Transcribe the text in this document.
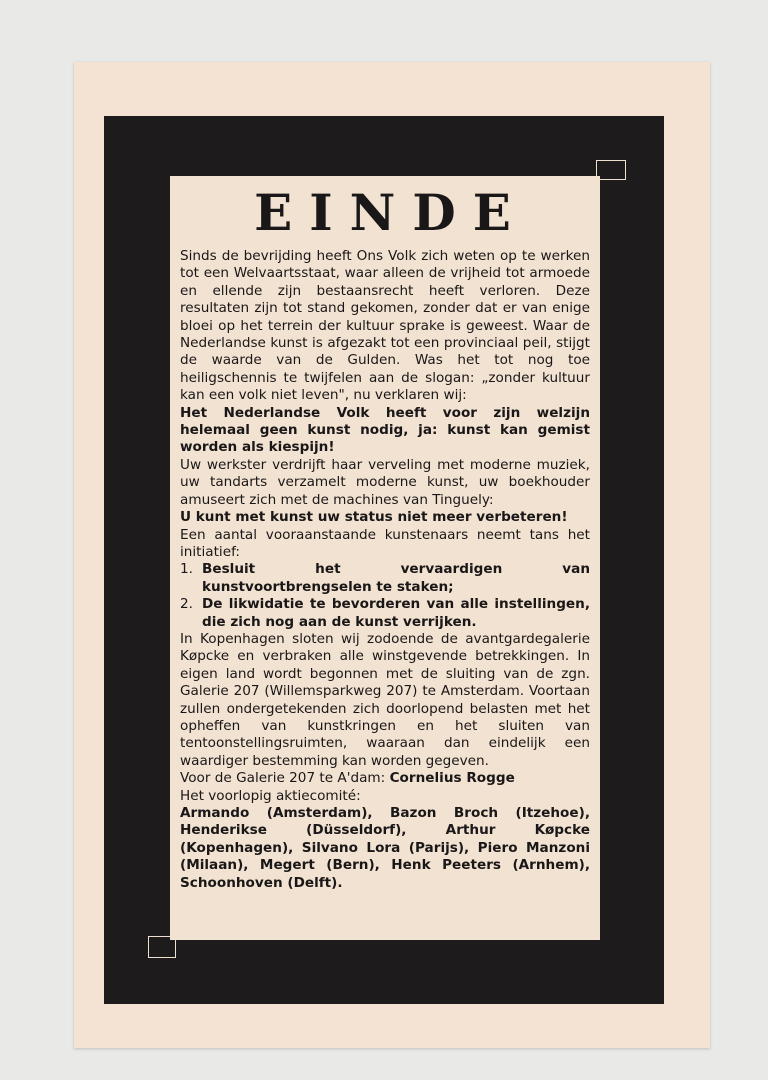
EINDE

Sinds de bevrijding heeft Ons Volk zich weten op te werken tot een Welvaartsstaat, waar alleen de vrijheid tot armoede en ellende zijn bestaansrecht heeft verloren. Deze resultaten zijn tot stand gekomen, zonder dat er van enige bloei op het terrein der kultuur sprake is geweest. Waar de Nederlandse kunst is afgezakt tot een provinciaal peil, stijgt de waarde van de Gulden. Was het tot nog toe heiligschennis te twijfelen aan de slogan: „zonder kultuur kan een volk niet leven", nu verklaren wij:

Het Nederlandse Volk heeft voor zijn welzijn helemaal geen kunst nodig, ja: kunst kan gemist worden als kiespijn!

Uw werkster verdrijft haar verveling met moderne muziek, uw tandarts verzamelt moderne kunst, uw boekhouder amuseert zich met de machines van Tinguely:

U kunt met kunst uw status niet meer verbeteren!

Een aantal vooraanstaande kunstenaars neemt tans het initiatief:

1. Besluit het vervaardigen van kunstvoortbrengselen te staken;
2. De likwidatie te bevorderen van alle instellingen, die zich nog aan de kunst verrijken.

In Kopenhagen sloten wij zodoende de avantgardegalerie Køpcke en verbraken alle winstgevende betrekkingen. In eigen land wordt begonnen met de sluiting van de zgn. Galerie 207 (Willemsparkweg 207) te Amsterdam. Voortaan zullen ondergetekenden zich doorlopend belasten met het opheffen van kunstkringen en het sluiten van tentoonstellingsruimten, waaraan dan eindelijk een waardiger bestemming kan worden gegeven.

Voor de Galerie 207 te A'dam: Cornelius Rogge

Het voorlopig aktiecomité:

Armando (Amsterdam), Bazon Broch (Itzehoe), Henderikse (Düsseldorf), Arthur Køpcke (Kopenhagen), Silvano Lora (Parijs), Piero Manzoni (Milaan), Megert (Bern), Henk Peeters (Arnhem), Schoonhoven (Delft).
